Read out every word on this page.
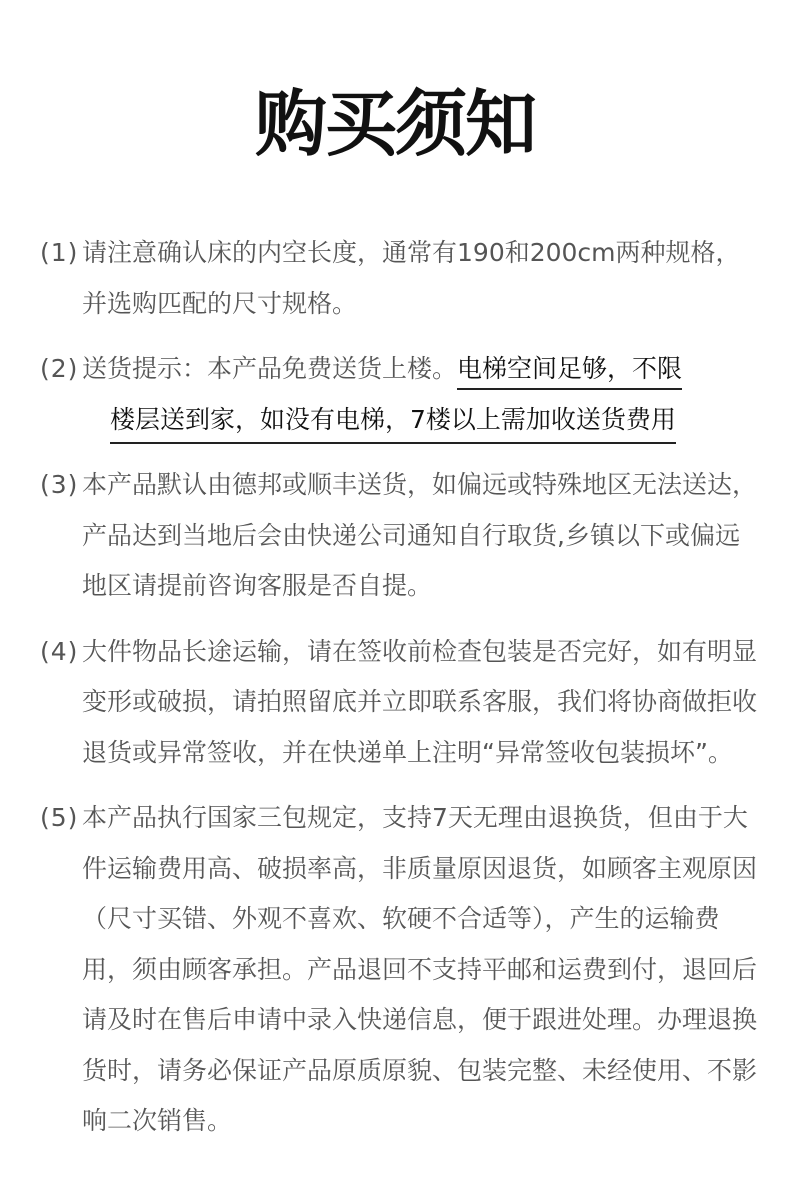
购买须知
(1) 请注意确认床的内空长度，通常有190和200cm两种规格，并选购匹配的尺寸规格。
(2) 送货提示：本产品免费送货上楼。电梯空间足够，不限
楼层送到家，如没有电梯，7楼以上需加收送货费用
(3) 本产品默认由德邦或顺丰送货，如偏远或特殊地区无法送达，产品达到当地后会由快递公司通知自行取货,乡镇以下或偏远地区请提前咨询客服是否自提。
(4) 大件物品长途运输，请在签收前检查包装是否完好，如有明显变形或破损，请拍照留底并立即联系客服，我们将协商做拒收退货或异常签收，并在快递单上注明“异常签收包装损坏”。
(5) 本产品执行国家三包规定，支持7天无理由退换货，但由于大件运输费用高、破损率高，非质量原因退货，如顾客主观原因（尺寸买错、外观不喜欢、软硬不合适等），产生的运输费用，须由顾客承担。产品退回不支持平邮和运费到付，退回后请及时在售后申请中录入快递信息，便于跟进处理。办理退换货时，请务必保证产品原质原貌、包装完整、未经使用、不影响二次销售。
